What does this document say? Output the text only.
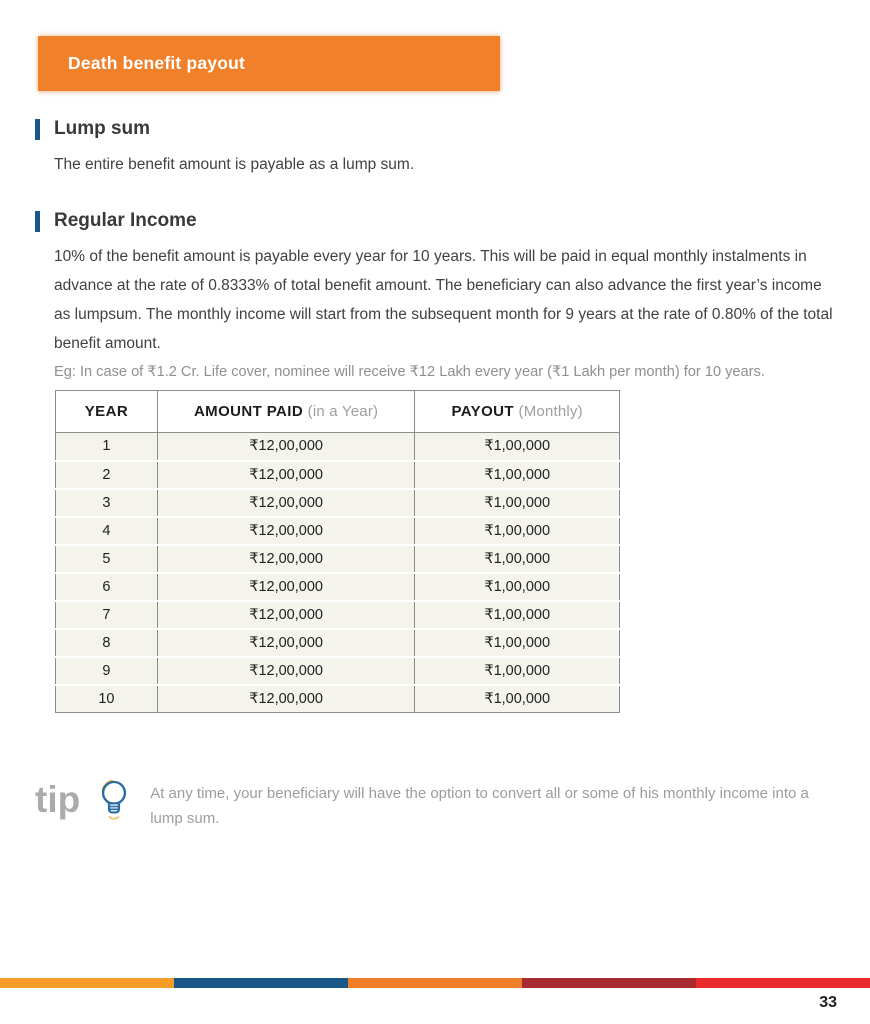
Death benefit payout
Lump sum

The entire benefit amount is payable as a lump sum.

Regular Income

10% of the benefit amount is payable every year for 10 years. This will be paid in equal monthly instalments in advance at the rate of 0.8333% of total benefit amount. The beneficiary can also advance the first year’s income as lumpsum. The monthly income will start from the subsequent month for 9 years at the rate of 0.80% of the total benefit amount.

Eg: In case of ₹1.2 Cr. Life cover, nominee will receive ₹12 Lakh every year (₹1 Lakh per month) for 10 years.

YEAR	AMOUNT PAID (in a Year)	PAYOUT (Monthly)
1	₹12,00,000	₹1,00,000
2	₹12,00,000	₹1,00,000
3	₹12,00,000	₹1,00,000
4	₹12,00,000	₹1,00,000
5	₹12,00,000	₹1,00,000
6	₹12,00,000	₹1,00,000
7	₹12,00,000	₹1,00,000
8	₹12,00,000	₹1,00,000
9	₹12,00,000	₹1,00,000
10	₹12,00,000	₹1,00,000
tip	At any time, your beneficiary will have the option to convert all or some of his monthly income into a lump sum.

33
